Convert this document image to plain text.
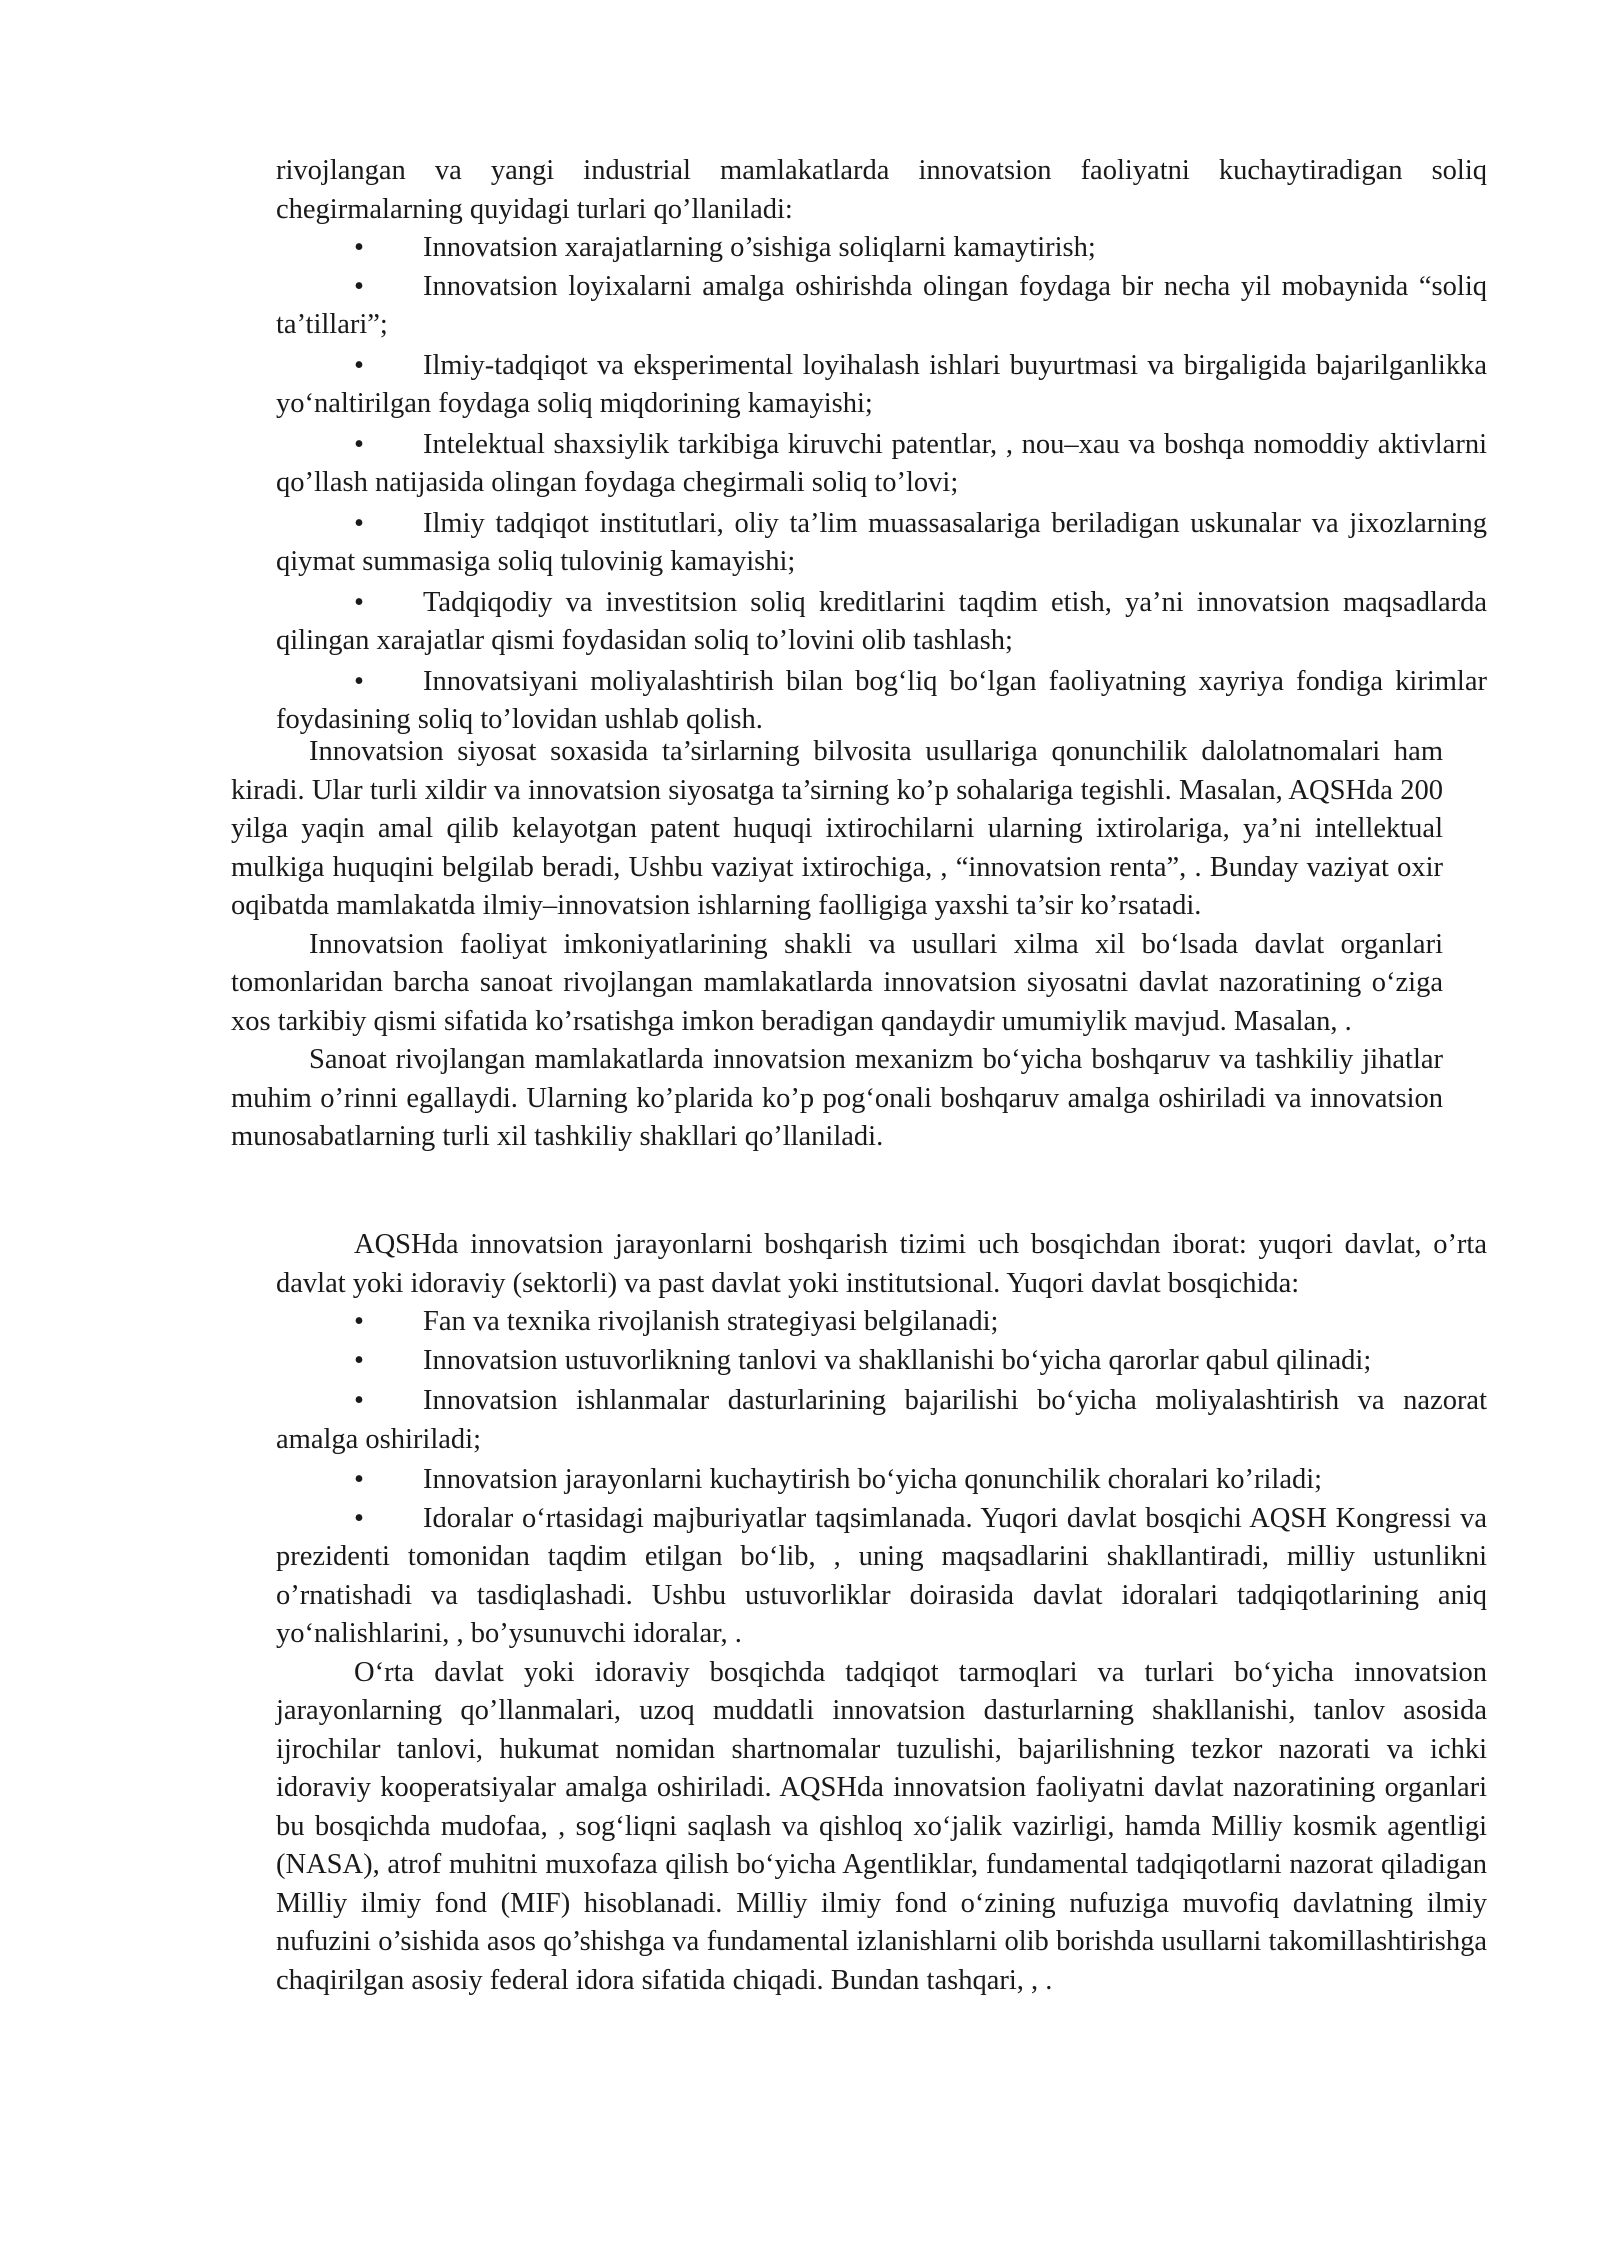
rivojlangan va yangi industrial mamlakatlarda innovatsion faoliyatni kuchaytiradigan soliq chegirmalarning quyidagi turlari qo’llaniladi:

• Innovatsion xarajatlarning o’sishiga soliqlarni kamaytirish;

• Innovatsion loyixalarni amalga oshirishda olingan foydaga bir necha yil mobaynida “soliq ta’tillari”;

• Ilmiy-tadqiqot va eksperimental loyihalash ishlari buyurtmasi va birgaligida bajarilganlikka yo‘naltirilgan foydaga soliq miqdorining kamayishi;

• Intelektual shaxsiylik tarkibiga kiruvchi patentlar, , nou–xau va boshqa nomoddiy aktivlarni qo’llash natijasida olingan foydaga chegirmali soliq to’lovi;

• Ilmiy tadqiqot institutlari, oliy ta’lim muassasalariga beriladigan uskunalar va jixozlarning qiymat summasiga soliq tulovinig kamayishi;

• Tadqiqodiy va investitsion soliq kreditlarini taqdim etish, ya’ni innovatsion maqsadlarda qilingan xarajatlar qismi foydasidan soliq to’lovini olib tashlash;

• Innovatsiyani moliyalashtirish bilan bog‘liq bo‘lgan faoliyatning xayriya fondiga kirimlar foydasining soliq to’lovidan ushlab qolish.

Innovatsion siyosat soxasida ta’sirlarning bilvosita usullariga qonunchilik dalolatnomalari ham kiradi. Ular turli xildir va innovatsion siyosatga ta’sirning ko’p sohalariga tegishli. Masalan, AQSHda 200 yilga yaqin amal qilib kelayotgan patent huquqi ixtirochilarni ularning ixtirolariga, ya’ni intellektual mulkiga huquqini belgilab beradi, Ushbu vaziyat ixtirochiga, , “innovatsion renta”, . Bunday vaziyat oxir oqibatda mamlakatda ilmiy–innovatsion ishlarning faolligiga yaxshi ta’sir ko’rsatadi.

Innovatsion faoliyat imkoniyatlarining shakli va usullari xilma xil bo‘lsada davlat organlari tomonlaridan barcha sanoat rivojlangan mamlakatlarda innovatsion siyosatni davlat nazoratining o‘ziga xos tarkibiy qismi sifatida ko’rsatishga imkon beradigan qandaydir umumiylik mavjud. Masalan, .

Sanoat rivojlangan mamlakatlarda innovatsion mexanizm bo‘yicha boshqaruv va tashkiliy jihatlar muhim o’rinni egallaydi. Ularning ko’plarida ko’p pog‘onali boshqaruv amalga oshiriladi va innovatsion munosabatlarning turli xil tashkiliy shakllari qo’llaniladi.

AQSHda innovatsion jarayonlarni boshqarish tizimi uch bosqichdan iborat: yuqori davlat, o’rta davlat yoki idoraviy (sektorli) va past davlat yoki institutsional. Yuqori davlat bosqichida:

• Fan va texnika rivojlanish strategiyasi belgilanadi;

• Innovatsion ustuvorlikning tanlovi va shakllanishi bo‘yicha qarorlar qabul qilinadi;

• Innovatsion ishlanmalar dasturlarining bajarilishi bo‘yicha moliyalashtirish va nazorat amalga oshiriladi;

• Innovatsion jarayonlarni kuchaytirish bo‘yicha qonunchilik choralari ko’riladi;

• Idoralar o‘rtasidagi majburiyatlar taqsimlanada. Yuqori davlat bosqichi AQSH Kongressi va prezidenti tomonidan taqdim etilgan bo‘lib, , uning maqsadlarini shakllantiradi, milliy ustunlikni o’rnatishadi va tasdiqlashadi. Ushbu ustuvorliklar doirasida davlat idoralari tadqiqotlarining aniq yo‘nalishlarini, , bo’ysunuvchi idoralar, .

O‘rta davlat yoki idoraviy bosqichda tadqiqot tarmoqlari va turlari bo‘yicha innovatsion jarayonlarning qo’llanmalari, uzoq muddatli innovatsion dasturlarning shakllanishi, tanlov asosida ijrochilar tanlovi, hukumat nomidan shartnomalar tuzulishi, bajarilishning tezkor nazorati va ichki idoraviy kooperatsiyalar amalga oshiriladi. AQSHda innovatsion faoliyatni davlat nazoratining organlari bu bosqichda mudofaa, , sog‘liqni saqlash va qishloq xo‘jalik vazirligi, hamda Milliy kosmik agentligi (NASA), atrof muhitni muxofaza qilish bo‘yicha Agentliklar, fundamental tadqiqotlarni nazorat qiladigan Milliy ilmiy fond (MIF) hisoblanadi. Milliy ilmiy fond o‘zining nufuziga muvofiq davlatning ilmiy nufuzini o’sishida asos qo’shishga va fundamental izlanishlarni olib borishda usullarni takomillashtirishga chaqirilgan asosiy federal idora sifatida chiqadi. Bundan tashqari, , .
